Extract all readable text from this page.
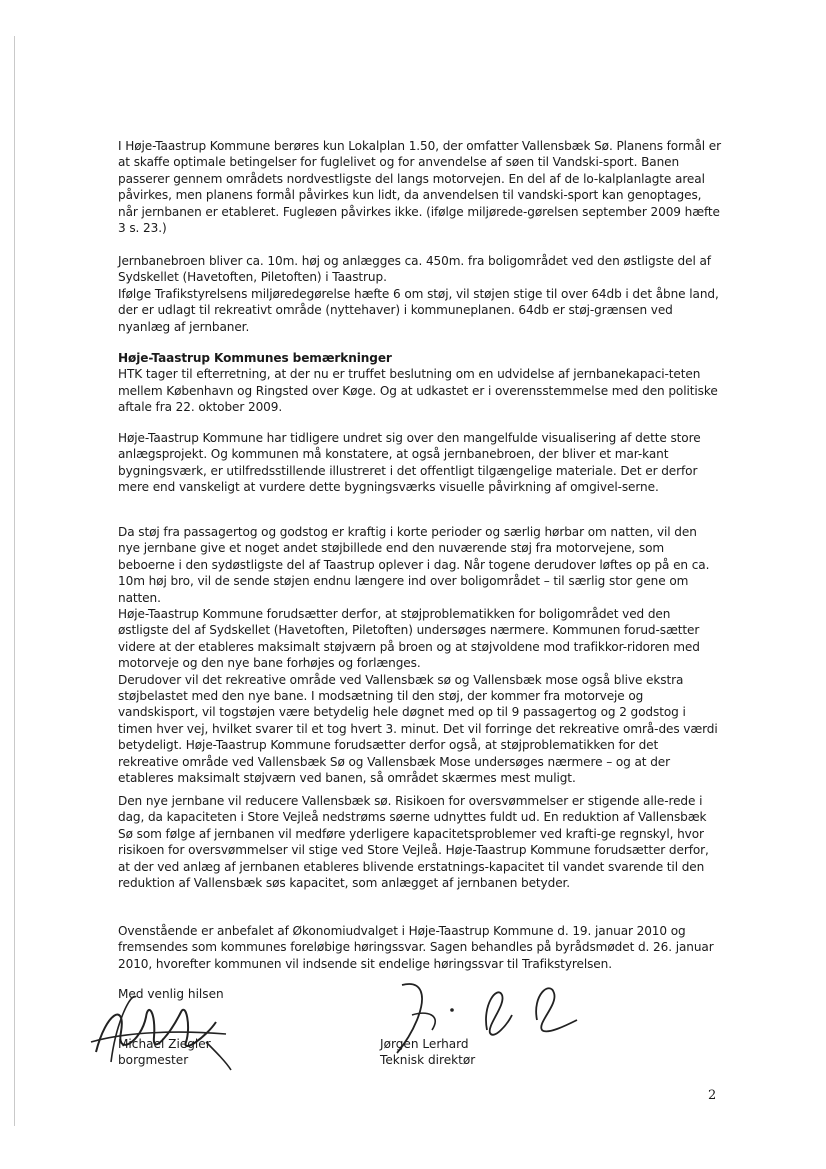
I Høje-Taastrup Kommune berøres kun Lokalplan 1.50, der omfatter Vallensbæk Sø. Planens formål er at skaffe optimale betingelser for fuglelivet og for anvendelse af søen til Vandski-sport. Banen passerer gennem områdets nordvestligste del langs motorvejen. En del af de lo-kalplanlagte areal påvirkes, men planens formål påvirkes kun lidt, da anvendelsen til vandski-sport kan genoptages, når jernbanen er etableret. Fugleøen påvirkes ikke. (ifølge miljørede-gørelsen september 2009 hæfte 3 s. 23.)

Jernbanebroen bliver ca. 10m. høj og anlægges ca. 450m. fra boligområdet ved den østligste del af Sydskellet (Havetoften, Piletoften) i Taastrup.

Ifølge Trafikstyrelsens miljøredegørelse hæfte 6 om støj, vil støjen stige til over 64db i det åbne land, der er udlagt til rekreativt område (nyttehaver) i kommuneplanen. 64db er støj-grænsen ved nyanlæg af jernbaner.

Høje-Taastrup Kommunes bemærkninger

HTK tager til efterretning, at der nu er truffet beslutning om en udvidelse af jernbanekapaci-teten mellem København og Ringsted over Køge. Og at udkastet er i overensstemmelse med den politiske aftale fra 22. oktober 2009.

Høje-Taastrup Kommune har tidligere undret sig over den mangelfulde visualisering af dette store anlægsprojekt. Og kommunen må konstatere, at også jernbanebroen, der bliver et mar-kant bygningsværk, er utilfredsstillende illustreret i det offentligt tilgængelige materiale. Det er derfor mere end vanskeligt at vurdere dette bygningsværks visuelle påvirkning af omgivel-serne.

Da støj fra passagertog og godstog er kraftig i korte perioder og særlig hørbar om natten, vil den nye jernbane give et noget andet støjbillede end den nuværende støj fra motorvejene, som beboerne i den sydøstligste del af Taastrup oplever i dag. Når togene derudover løftes op på en ca. 10m høj bro, vil de sende støjen endnu længere ind over boligområdet – til særlig stor gene om natten.

Høje-Taastrup Kommune forudsætter derfor, at støjproblematikken for boligområdet ved den østligste del af Sydskellet (Havetoften, Piletoften) undersøges nærmere. Kommunen forud-sætter videre at der etableres maksimalt støjværn på broen og at støjvoldene mod trafikkor-ridoren med motorveje og den nye bane forhøjes og forlænges.

Derudover vil det rekreative område ved Vallensbæk sø og Vallensbæk mose også blive ekstra støjbelastet med den nye bane. I modsætning til den støj, der kommer fra motorveje og vandskisport, vil togstøjen være betydelig hele døgnet med op til 9 passagertog og 2 godstog i timen hver vej, hvilket svarer til et tog hvert 3. minut. Det vil forringe det rekreative områ-des værdi betydeligt. Høje-Taastrup Kommune forudsætter derfor også, at støjproblematikken for det rekreative område ved Vallensbæk Sø og Vallensbæk Mose undersøges nærmere – og at der etableres maksimalt støjværn ved banen, så området skærmes mest muligt.

Den nye jernbane vil reducere Vallensbæk sø. Risikoen for oversvømmelser er stigende alle-rede i dag, da kapaciteten i Store Vejleå nedstrøms søerne udnyttes fuldt ud. En reduktion af Vallensbæk Sø som følge af jernbanen vil medføre yderligere kapacitetsproblemer ved krafti-ge regnskyl, hvor risikoen for oversvømmelser vil stige ved Store Vejleå. Høje-Taastrup Kommune forudsætter derfor, at der ved anlæg af jernbanen etableres blivende erstatnings-kapacitet til vandet svarende til den reduktion af Vallensbæk søs kapacitet, som anlægget af jernbanen betyder.

Ovenstående er anbefalet af Økonomiudvalget i Høje-Taastrup Kommune d. 19. januar 2010 og fremsendes som kommunes foreløbige høringssvar. Sagen behandles på byrådsmødet d. 26. januar 2010, hvorefter kommunen vil indsende sit endelige høringssvar til Trafikstyrelsen.

Med venlig hilsen
Michael Ziegler
borgmester
Jørgen Lerhard
Teknisk direktør
2
